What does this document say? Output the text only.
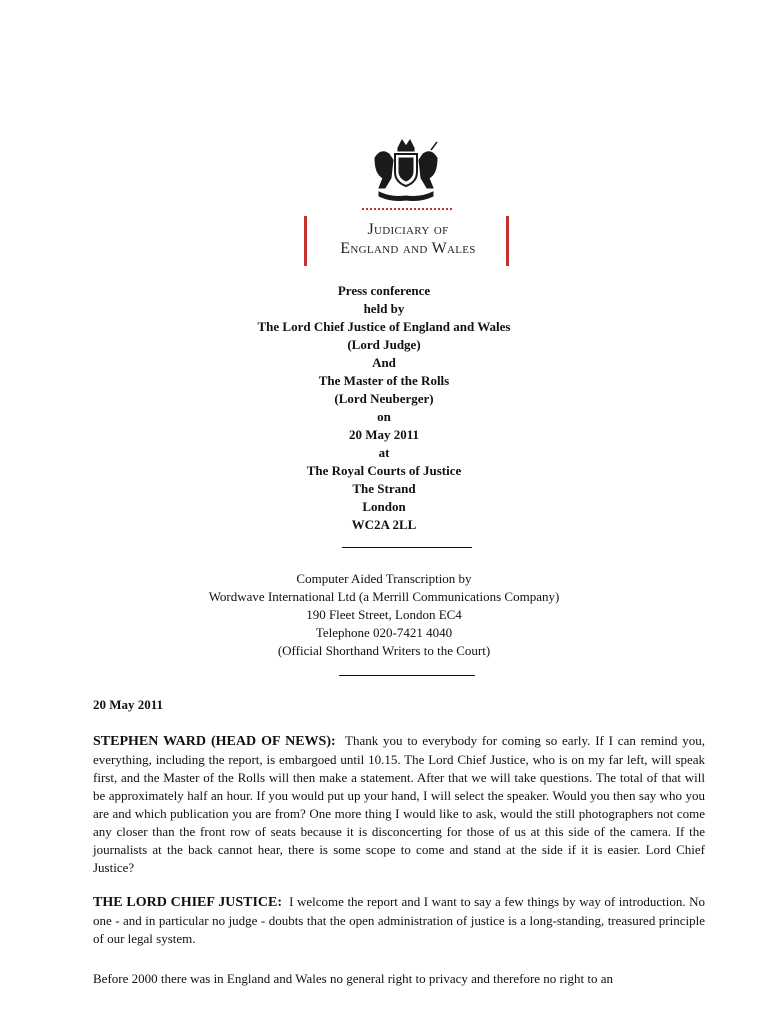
Judiciary of
England and Wales
Press conference
held by
The Lord Chief Justice of England and Wales
(Lord Judge)
And
The Master of the Rolls
(Lord Neuberger)
on
20 May 2011
at
The Royal Courts of Justice
The Strand
London
WC2A 2LL
Computer Aided Transcription by
Wordwave International Ltd (a Merrill Communications Company)
190 Fleet Street, London EC4
Telephone 020-7421 4040
(Official Shorthand Writers to the Court)
20 May 2011

STEPHEN WARD (HEAD OF NEWS): Thank you to everybody for coming so early. If I can remind you, everything, including the report, is embargoed until 10.15. The Lord Chief Justice, who is on my far left, will speak first, and the Master of the Rolls will then make a statement. After that we will take questions. The total of that will be approximately half an hour. If you would put up your hand, I will select the speaker. Would you then say who you are and which publication you are from? One more thing I would like to ask, would the still photographers not come any closer than the front row of seats because it is disconcerting for those of us at this side of the camera. If the journalists at the back cannot hear, there is some scope to come and stand at the side if it is easier. Lord Chief Justice?

THE LORD CHIEF JUSTICE: I welcome the report and I want to say a few things by way of introduction. No one - and in particular no judge - doubts that the open administration of justice is a long-standing, treasured principle of our legal system.

Before 2000 there was in England and Wales no general right to privacy and therefore no right to an
